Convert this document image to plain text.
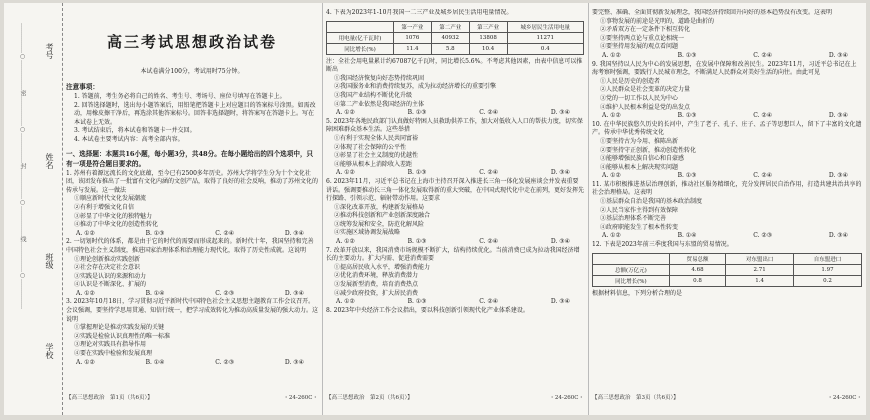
考号
姓名
班级
学校
……………○……………密……………○……………封……………○……………线……………○……………	高三考试思想政治试卷
本试卷满分100分，考试用时75分钟。
注意事项：

1. 答题前，考生务必将自己的姓名、考生号、考场号、座位号填写在答题卡上。

2. 回答选择题时，选出每小题答案后，用铅笔把答题卡上对应题目的答案标号涂黑。如需改动，用橡皮擦干净后，再选涂其他答案标号。回答非选择题时，将答案写在答题卡上。写在本试卷上无效。

3. 考试结束后，将本试卷和答题卡一并交回。

4. 本试卷主要考试内容：高考全部内容。

一、选择题：本题共16小题，每小题3分，共48分。在每小题给出的四个选项中，只有一项是符合题目要求的。

1. 苏州有着源远流长的文化底蕴，至今已有2500多年历史。苏州大学将学生分为十个文化社团，该团发布推出了一批富有文化内涵的文创产品，取得了良好的社会反响，推动了苏州文化的传承与发展。这一做法

①顺应新时代文化发展潮流

②有利于增强文化自信

③彰显了中华文化的独特魅力

④推动了中华文化的创造性转化

A. ①②	B. ①③	C. ②④	D. ③④

2. 一切划时代的体系，都是由于它的时代的需要而形成起来的。新时代十年，我国坚持和完善中国特色社会主义制度，推进国家治理体系和治理能力现代化，取得了历史性成就。这说明

①理论创新推动实践创新

②社会存在决定社会意识

③实践是认识的来源和动力

④认识是不断深化、扩展的

A. ①②	B. ①④	C. ②③	D. ③④

3. 2023年10月18日，学习贯彻习近平新时代中国特色社会主义思想主题教育工作会议召开。会议强调，要坚持学思用贯通、知信行统一，把学习成效转化为推动高质量发展的强大动力。这说明

①掌握理论是推动实践发展的关键

②实践是检验认识真理性的唯一标准

③理论对实践具有指导作用

④要在实践中检验和发展真理

A. ①②	B. ①④	C. ②③	D. ③④
【高三思想政治　第1页（共6页）】	・24-260C・

4. 下表为2023年1-10月我国一二三产业及城乡居民生活用电量情况。

	第一产业	第二产业	第三产业	城乡居民生活用电量
用电量(亿千瓦时)	1076	40932	13808	11271
同比增长(%)	11.4	5.8	10.4	0.4

注：全社会用电量累计约67087亿千瓦时，同比增长5.6%。不考虑其他因素，由表中信息可以推断出

①我国经济恢复向好态势持续巩固

②我国服务业和消费持续复苏，成为拉动经济增长的重要引擎

③我国产业结构不断优化升级

④第二产业依然是我国经济的主体

A. ①②	B. ①③	C. ②④	D. ③④

5. 2023年各地民政部门认真做好特困人员救助供养工作，加大对低收入人口的帮扶力度，切实保障困难群众基本生活。这些举措

①有利于实现全体人民共同富裕

②体现了社会保障的公平性

③彰显了社会主义制度的优越性

④能够从根本上消除收入差距

A. ①②	B. ①③	C. ②④	D. ③④

6. 2023年11月，习近平总书记在上海市主持召开深入推进长三角一体化发展座谈会并发表重要讲话。强调要推动长三角一体化发展取得新的重大突破，在中国式现代化中走在前列，更好发挥先行探路、引领示范、辐射带动作用。这要求

①深化改革开放，构建新发展格局

②推动科技创新和产业创新深度融合

③统筹发展和安全，防范化解风险

④实施区域协调发展战略

A. ①②	B. ①③	C. ②④	D. ③④

7. 改革开放以来，我国消费市场规模不断扩大，结构持续优化。当前消费已成为拉动我国经济增长的主要动力。扩大内需、促进消费需要

①提高居民收入水平，增强消费能力

②优化消费环境，释放消费潜力

③发展新型消费，培育消费热点

④减少政府投资，扩大居民消费

A. ①②	B. ①③	C. ②④	D. ③④

8. 2023年中央经济工作会议指出，要以科技创新引领现代化产业体系建设。

【高三思想政治　第2页（共6页）】	・24-260C・

要完整、准确、全面贯彻新发展理念，我国经济持续回升向好的基本趋势没有改变。这表明

①事物发展的前途是光明的，道路是曲折的

②矛盾双方在一定条件下相互转化

③要坚持两点论与重点论相统一

④要坚持用发展的观点看问题

A. ①②	B. ①③	C. ②④	D. ③④

9. 我国坚持以人民为中心的发展思想，在发展中保障和改善民生。2023年11月，习近平总书记在上海考察时强调，要践行人民城市理念，不断满足人民群众对美好生活的向往。由此可见

①人民是历史的创造者

②人民群众是社会变革的决定力量

③党的一切工作以人民为中心

④维护人民根本利益是党的出发点

A. ①②	B. ①③	C. ②④	D. ③④

10. 在中华民族悠久历史的长河中，产生了老子、孔子、庄子、孟子等思想巨人，留下了丰富的文化遗产。传承中华优秀传统文化

①要坚持古为今用、推陈出新

②要坚持守正创新，推动创造性转化

③能够增强民族自信心和自豪感

④能够从根本上解决现实问题

A. ①②	B. ①③	C. ②④	D. ③④

11. 某市积极推进基层治理创新，推动社区服务精细化，充分发挥居民自治作用，打造共建共治共享的社会治理格局。这表明

①基层群众自治是我国的基本政治制度

②人民当家作主得到有效保障

③基层治理体系不断完善

④政府职能发生了根本性转变

A. ①②	B. ①④	C. ②③	D. ③④

12. 下表是2023年前三季度我国与东盟的贸易情况。

	贸易总额	对东盟出口	自东盟进口
总额(万亿元)	4.68	2.71	1.97
同比增长(%)	0.8	1.4	0.2

根据材料信息，下列分析合理的是

【高三思想政治　第3页（共6页）】	・24-260C・
